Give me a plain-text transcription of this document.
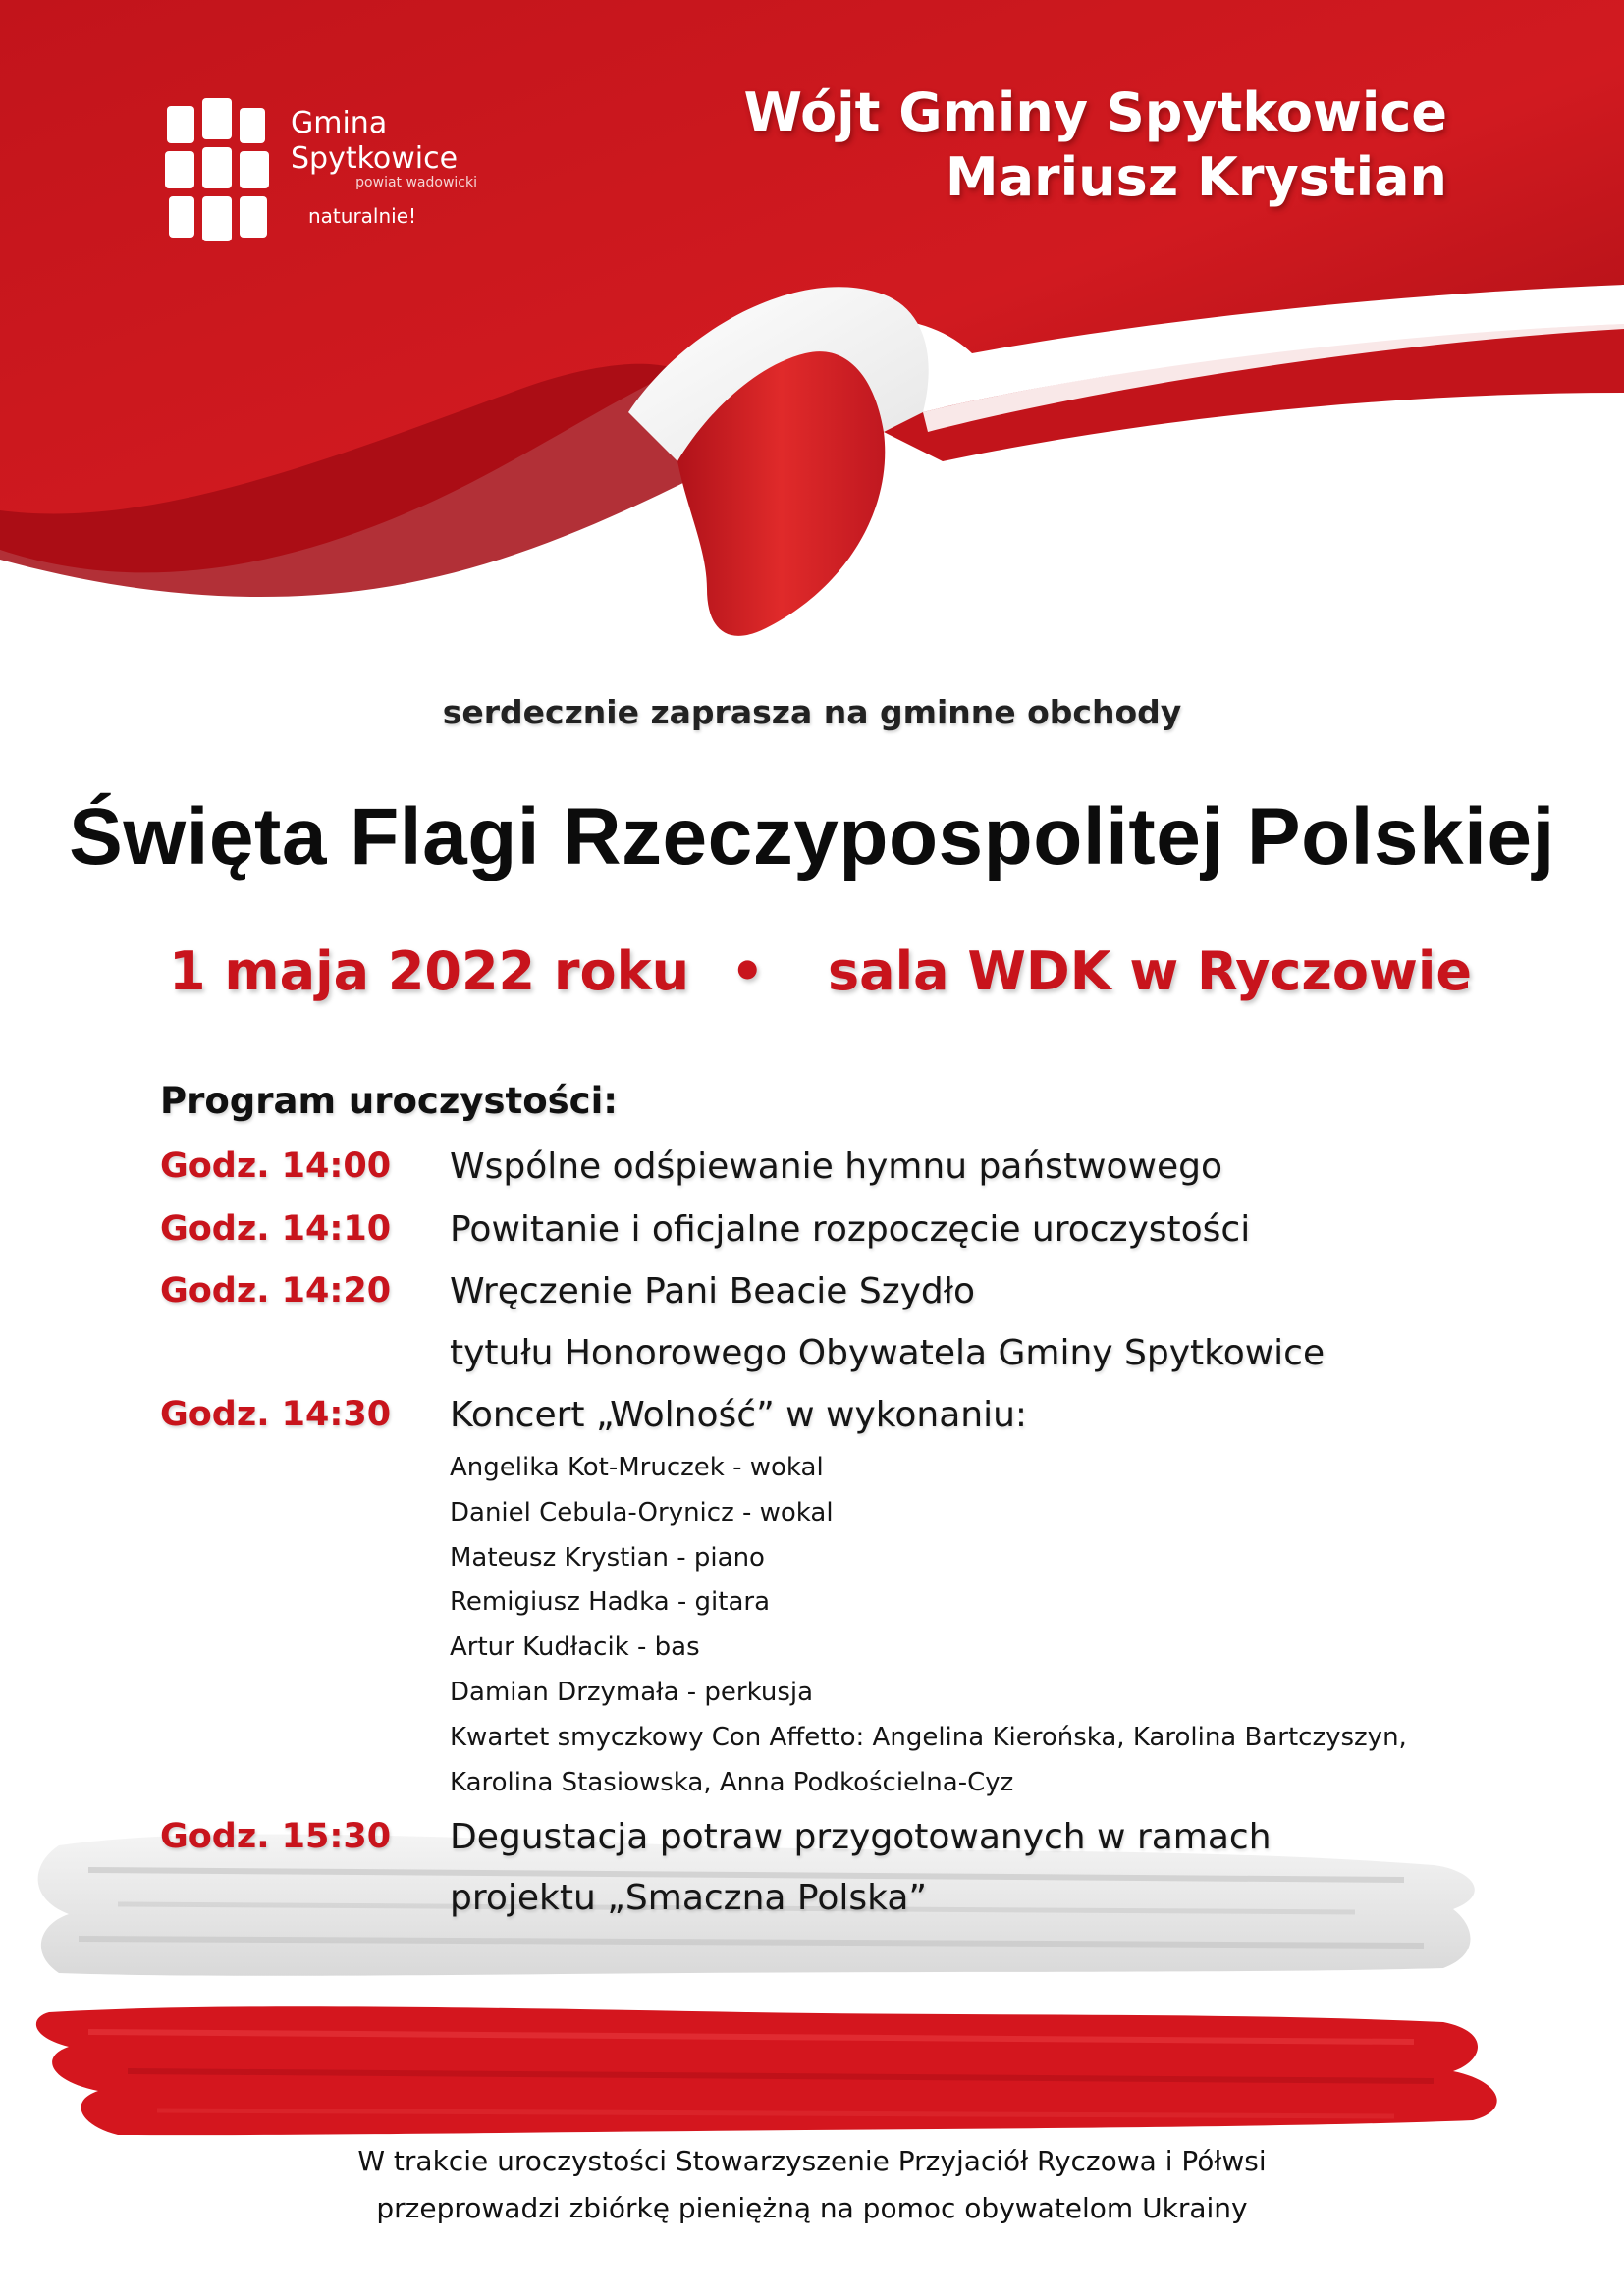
Gmina
Spytkowice
powiat wadowicki
naturalnie!
Wójt Gminy Spytkowice
Mariusz Krystian
serdecznie zaprasza na gminne obchody
Święta Flagi Rzeczypospolitej Polskiej
1 maja 2022 roku • sala WDK w Ryczowie
Program uroczystości:
Godz. 14:00 Wspólne odśpiewanie hymnu państwowego
Godz. 14:10 Powitanie i oficjalne rozpoczęcie uroczystości
Godz. 14:20 Wręczenie Pani Beacie Szydło
tytułu Honorowego Obywatela Gminy Spytkowice
Godz. 14:30 Koncert „Wolność” w wykonaniu:
Angelika Kot-Mruczek - wokal
Daniel Cebula-Orynicz - wokal
Mateusz Krystian - piano
Remigiusz Hadka - gitara
Artur Kudłacik - bas
Damian Drzymała - perkusja
Kwartet smyczkowy Con Affetto: Angelina Kierońska, Karolina Bartczyszyn,
Karolina Stasiowska, Anna Podkościelna-Cyz
Godz. 15:30 Degustacja potraw przygotowanych w ramach
projektu „Smaczna Polska”
W trakcie uroczystości Stowarzyszenie Przyjaciół Ryczowa i Półwsi
przeprowadzi zbiórkę pieniężną na pomoc obywatelom Ukrainy
